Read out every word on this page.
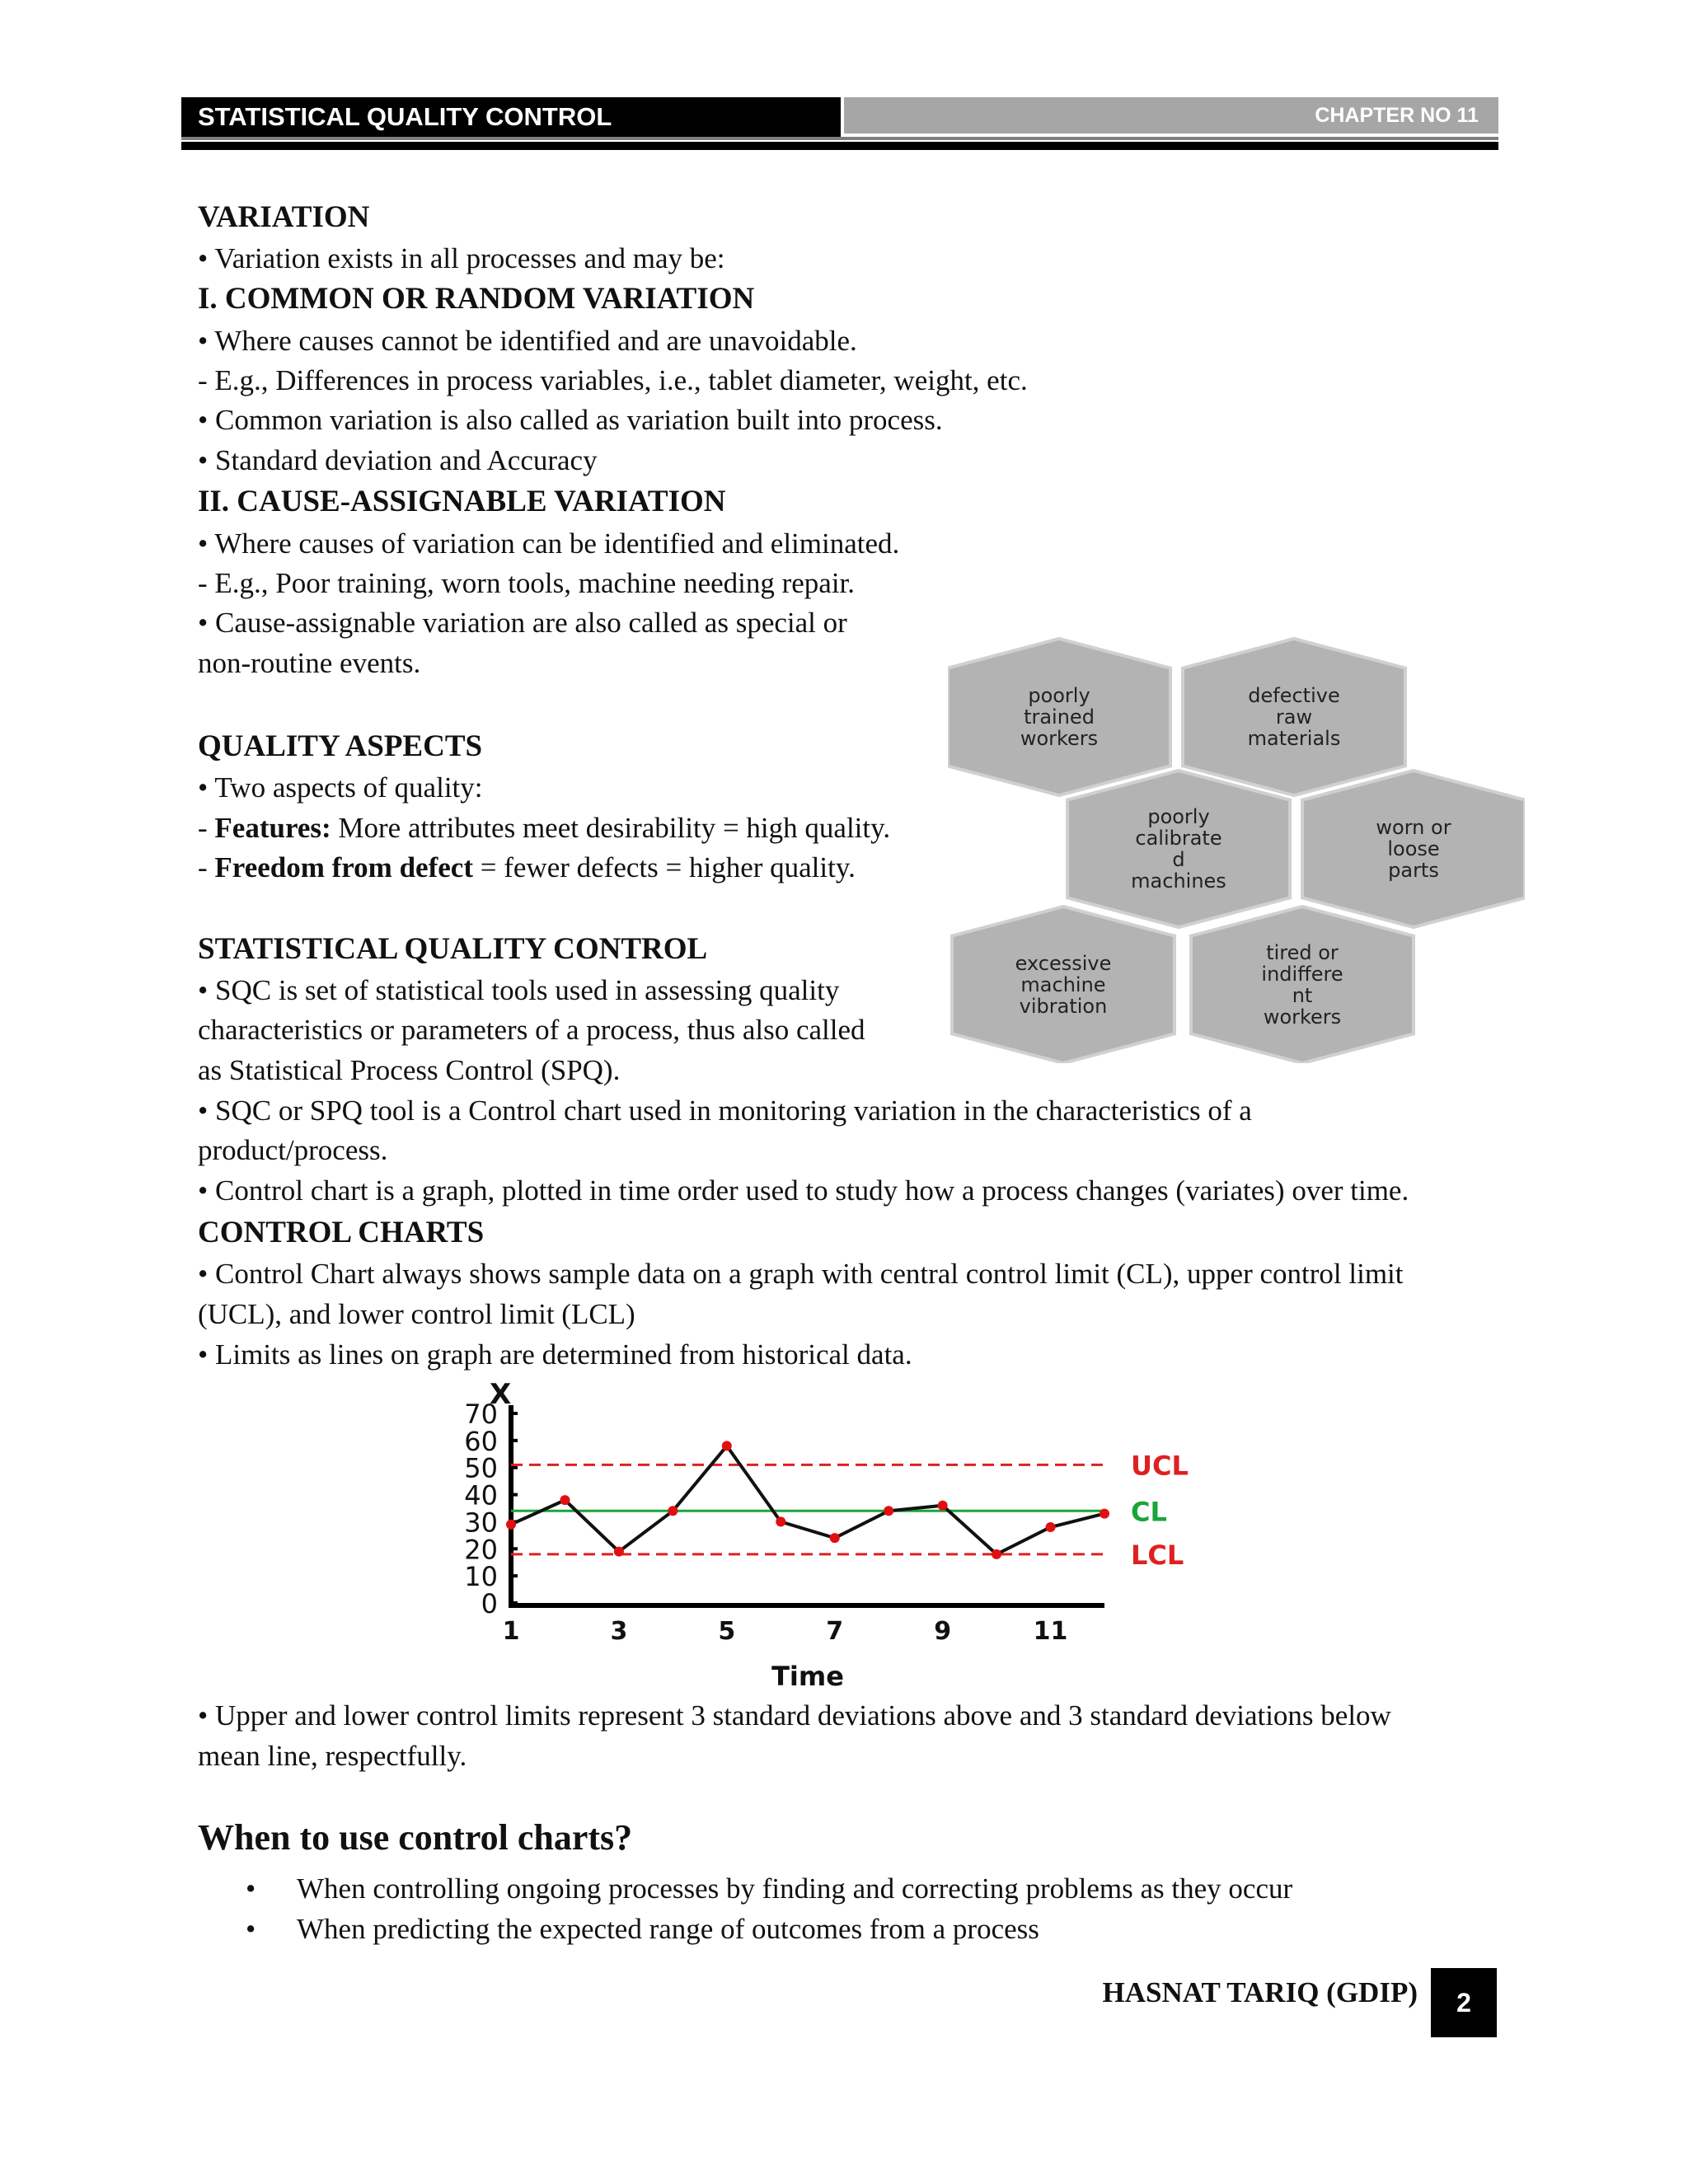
STATISTICAL QUALITY CONTROL	CHAPTER NO 11
VARIATION
• Variation exists in all processes and may be:
I. COMMON OR RANDOM VARIATION
• Where causes cannot be identified and are unavoidable.
- E.g., Differences in process variables, i.e., tablet diameter, weight, etc.
• Common variation is also called as variation built into process.
• Standard deviation and Accuracy
II. CAUSE-ASSIGNABLE VARIATION
• Where causes of variation can be identified and eliminated.
- E.g., Poor training, worn tools, machine needing repair.
• Cause-assignable variation are also called as special or
non-routine events.
QUALITY ASPECTS
• Two aspects of quality:
- Features: More attributes meet desirability = high quality.
- Freedom from defect = fewer defects = higher quality.
STATISTICAL QUALITY CONTROL
• SQC is set of statistical tools used in assessing quality
characteristics or parameters of a process, thus also called
as Statistical Process Control (SPQ).
• SQC or SPQ tool is a Control chart used in monitoring variation in the characteristics of a
product/process.
• Control chart is a graph, plotted in time order used to study how a process changes (variates) over time.
CONTROL CHARTS
• Control Chart always shows sample data on a graph with central control limit (CL), upper control limit
(UCL), and lower control limit (LCL)
• Limits as lines on graph are determined from historical data.
poorly
trained
workers
defective
raw
materials
poorly
calibrate
d
machines
worn or
loose
parts
excessive
machine
vibration
tired or
indiffere
nt
workers
X
0
10
20
30
40
50
60
70
1	3	5	7	9	11
Time
UCL
CL
LCL
• Upper and lower control limits represent 3 standard deviations above and 3 standard deviations below
mean line, respectfully.
When to use control charts?
• When controlling ongoing processes by finding and correcting problems as they occur
• When predicting the expected range of outcomes from a process
HASNAT TARIQ (GDIP)	2
